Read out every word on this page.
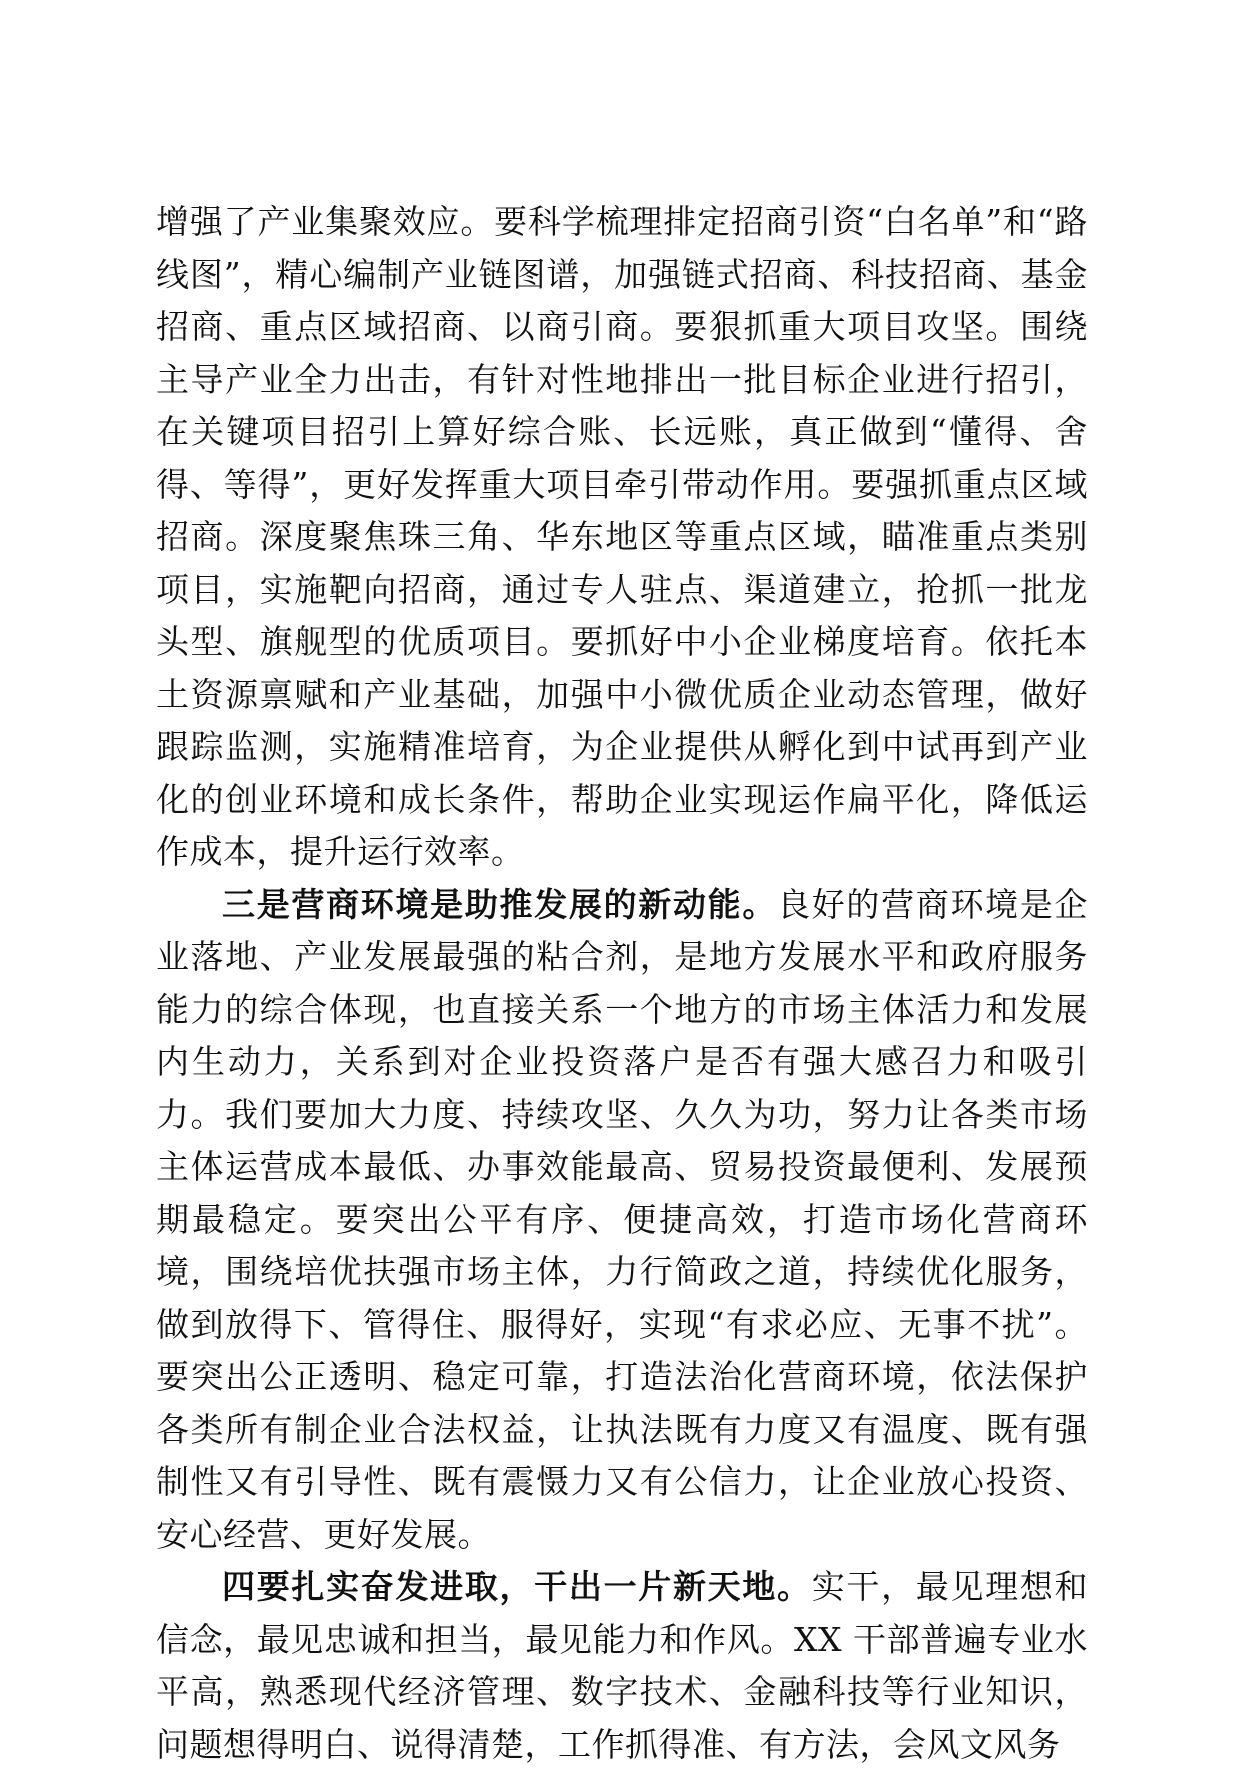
增强了产业集聚效应。要科学梳理排定招商引资“白名单”和“路线图”，精心编制产业链图谱，加强链式招商、科技招商、基金招商、重点区域招商、以商引商。要狠抓重大项目攻坚。围绕主导产业全力出击，有针对性地排出一批目标企业进行招引，在关键项目招引上算好综合账、长远账，真正做到“懂得、舍得、等得”，更好发挥重大项目牵引带动作用。要强抓重点区域招商。深度聚焦珠三角、华东地区等重点区域，瞄准重点类别项目，实施靶向招商，通过专人驻点、渠道建立，抢抓一批龙头型、旗舰型的优质项目。要抓好中小企业梯度培育。依托本土资源禀赋和产业基础，加强中小微优质企业动态管理，做好跟踪监测，实施精准培育，为企业提供从孵化到中试再到产业化的创业环境和成长条件，帮助企业实现运作扁平化，降低运作成本，提升运行效率。

三是营商环境是助推发展的新动能。良好的营商环境是企业落地、产业发展最强的粘合剂，是地方发展水平和政府服务能力的综合体现，也直接关系一个地方的市场主体活力和发展内生动力，关系到对企业投资落户是否有强大感召力和吸引力。我们要加大力度、持续攻坚、久久为功，努力让各类市场主体运营成本最低、办事效能最高、贸易投资最便利、发展预期最稳定。要突出公平有序、便捷高效，打造市场化营商环境，围绕培优扶强市场主体，力行简政之道，持续优化服务，做到放得下、管得住、服得好，实现“有求必应、无事不扰”。要突出公正透明、稳定可靠，打造法治化营商环境，依法保护各类所有制企业合法权益，让执法既有力度又有温度、既有强制性又有引导性、既有震慑力又有公信力，让企业放心投资、安心经营、更好发展。

四要扎实奋发进取，干出一片新天地。实干，最见理想和信念，最见忠诚和担当，最见能力和作风。XX 干部普遍专业水平高，熟悉现代经济管理、数字技术、金融科技等行业知识，问题想得明白、说得清楚，工作抓得准、有方法，会风文风务
